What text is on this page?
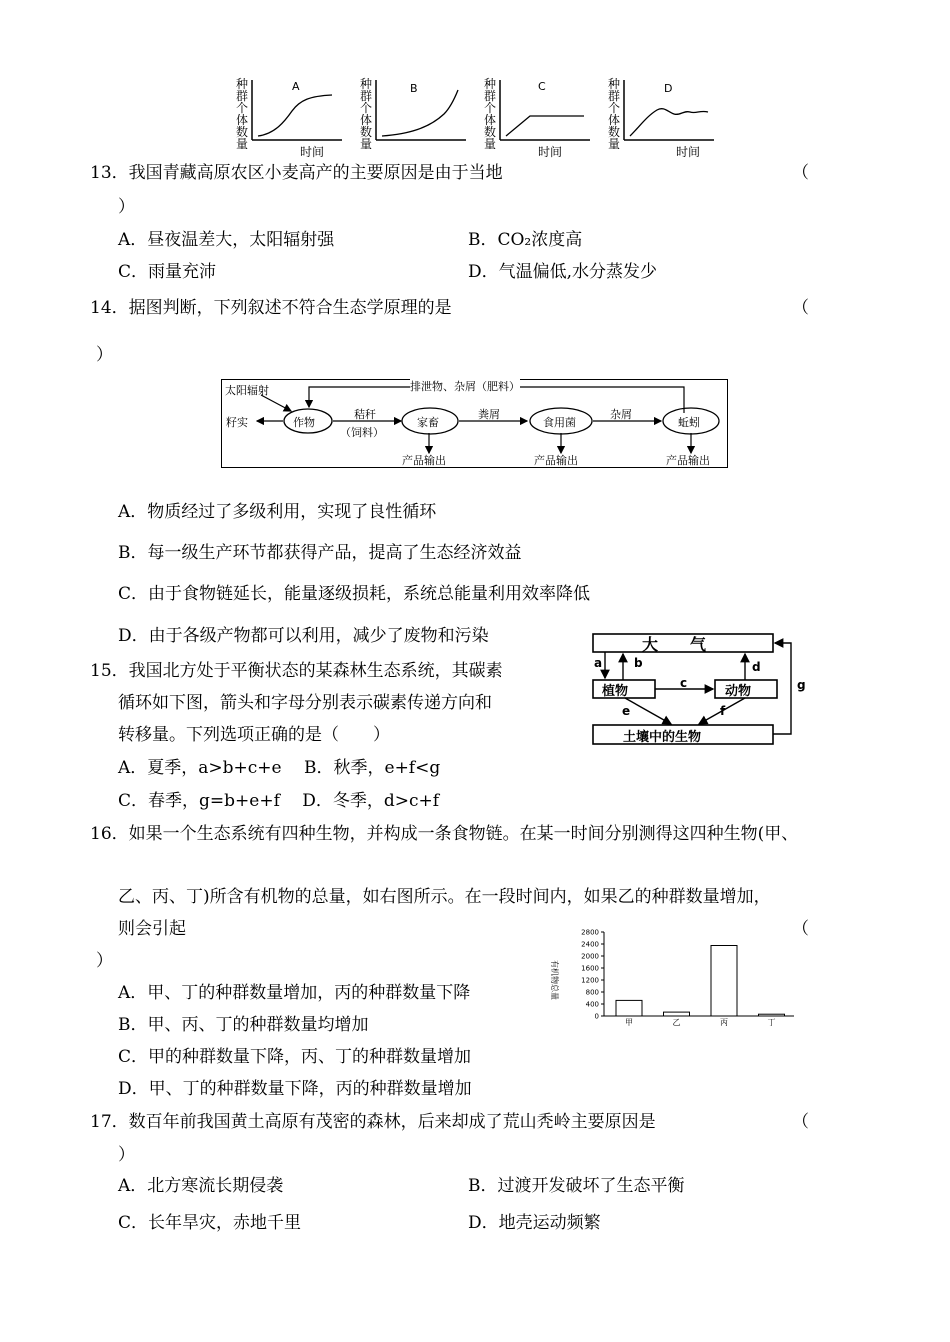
种
群
个
体
数
量
A
时间
种
群
个
体
数
量
B	种
群
个
体
数
量
C
时间
种
群
个
体
数
量
D
时间
13．我国青藏高原农区小麦高产的主要原因是由于当地	（
）
A．昼夜温差大，太阳辐射强	B．CO₂浓度高
C．雨量充沛	D．气温偏低,水分蒸发少
14．据图判断，下列叙述不符合生态学原理的是	（
）
太阳辐射	排泄物、杂屑（肥料）
籽实	作物
秸秆
（饲料）
家畜
粪屑
食用菌
杂屑
蚯蚓
产品输出	产品输出	产品输出
A．物质经过了多级利用，实现了良性循环
B．每一级生产环节都获得产品，提高了生态经济效益
C．由于食物链延长，能量逐级损耗，系统总能量利用效率降低
D．由于各级产物都可以利用，减少了废物和污染
15．我国北方处于平衡状态的某森林生态系统，其碳素
循环如下图，箭头和字母分别表示碳素传递方向和
转移量。下列选项正确的是（　　）
A．夏季，a>b+c+e　 B．秋季，e+f<g
C．春季，g=b+e+f　 D．冬季，d>c+f
大　　气
植物	动物
土壤中的生物
a	b
c
d
e	f
g
16．如果一个生态系统有四种生物，并构成一条食物链。在某一时间分别测得这四种生物(甲、
乙、丙、丁)所含有机物的总量，如右图所示。在一段时间内，如果乙的种群数量增加，
则会引起	（
）
0
400
800
1200
1600
2000
2400
2800
甲	乙	丙	丁
有机物总量
A．甲、丁的种群数量增加，丙的种群数量下降
B．甲、丙、丁的种群数量均增加
C．甲的种群数量下降，丙、丁的种群数量增加
D．甲、丁的种群数量下降，丙的种群数量增加
17．数百年前我国黄土高原有茂密的森林，后来却成了荒山秃岭主要原因是	（
）
A．北方寒流长期侵袭	B．过渡开发破坏了生态平衡
C．长年旱灾，赤地千里	D．地壳运动频繁
